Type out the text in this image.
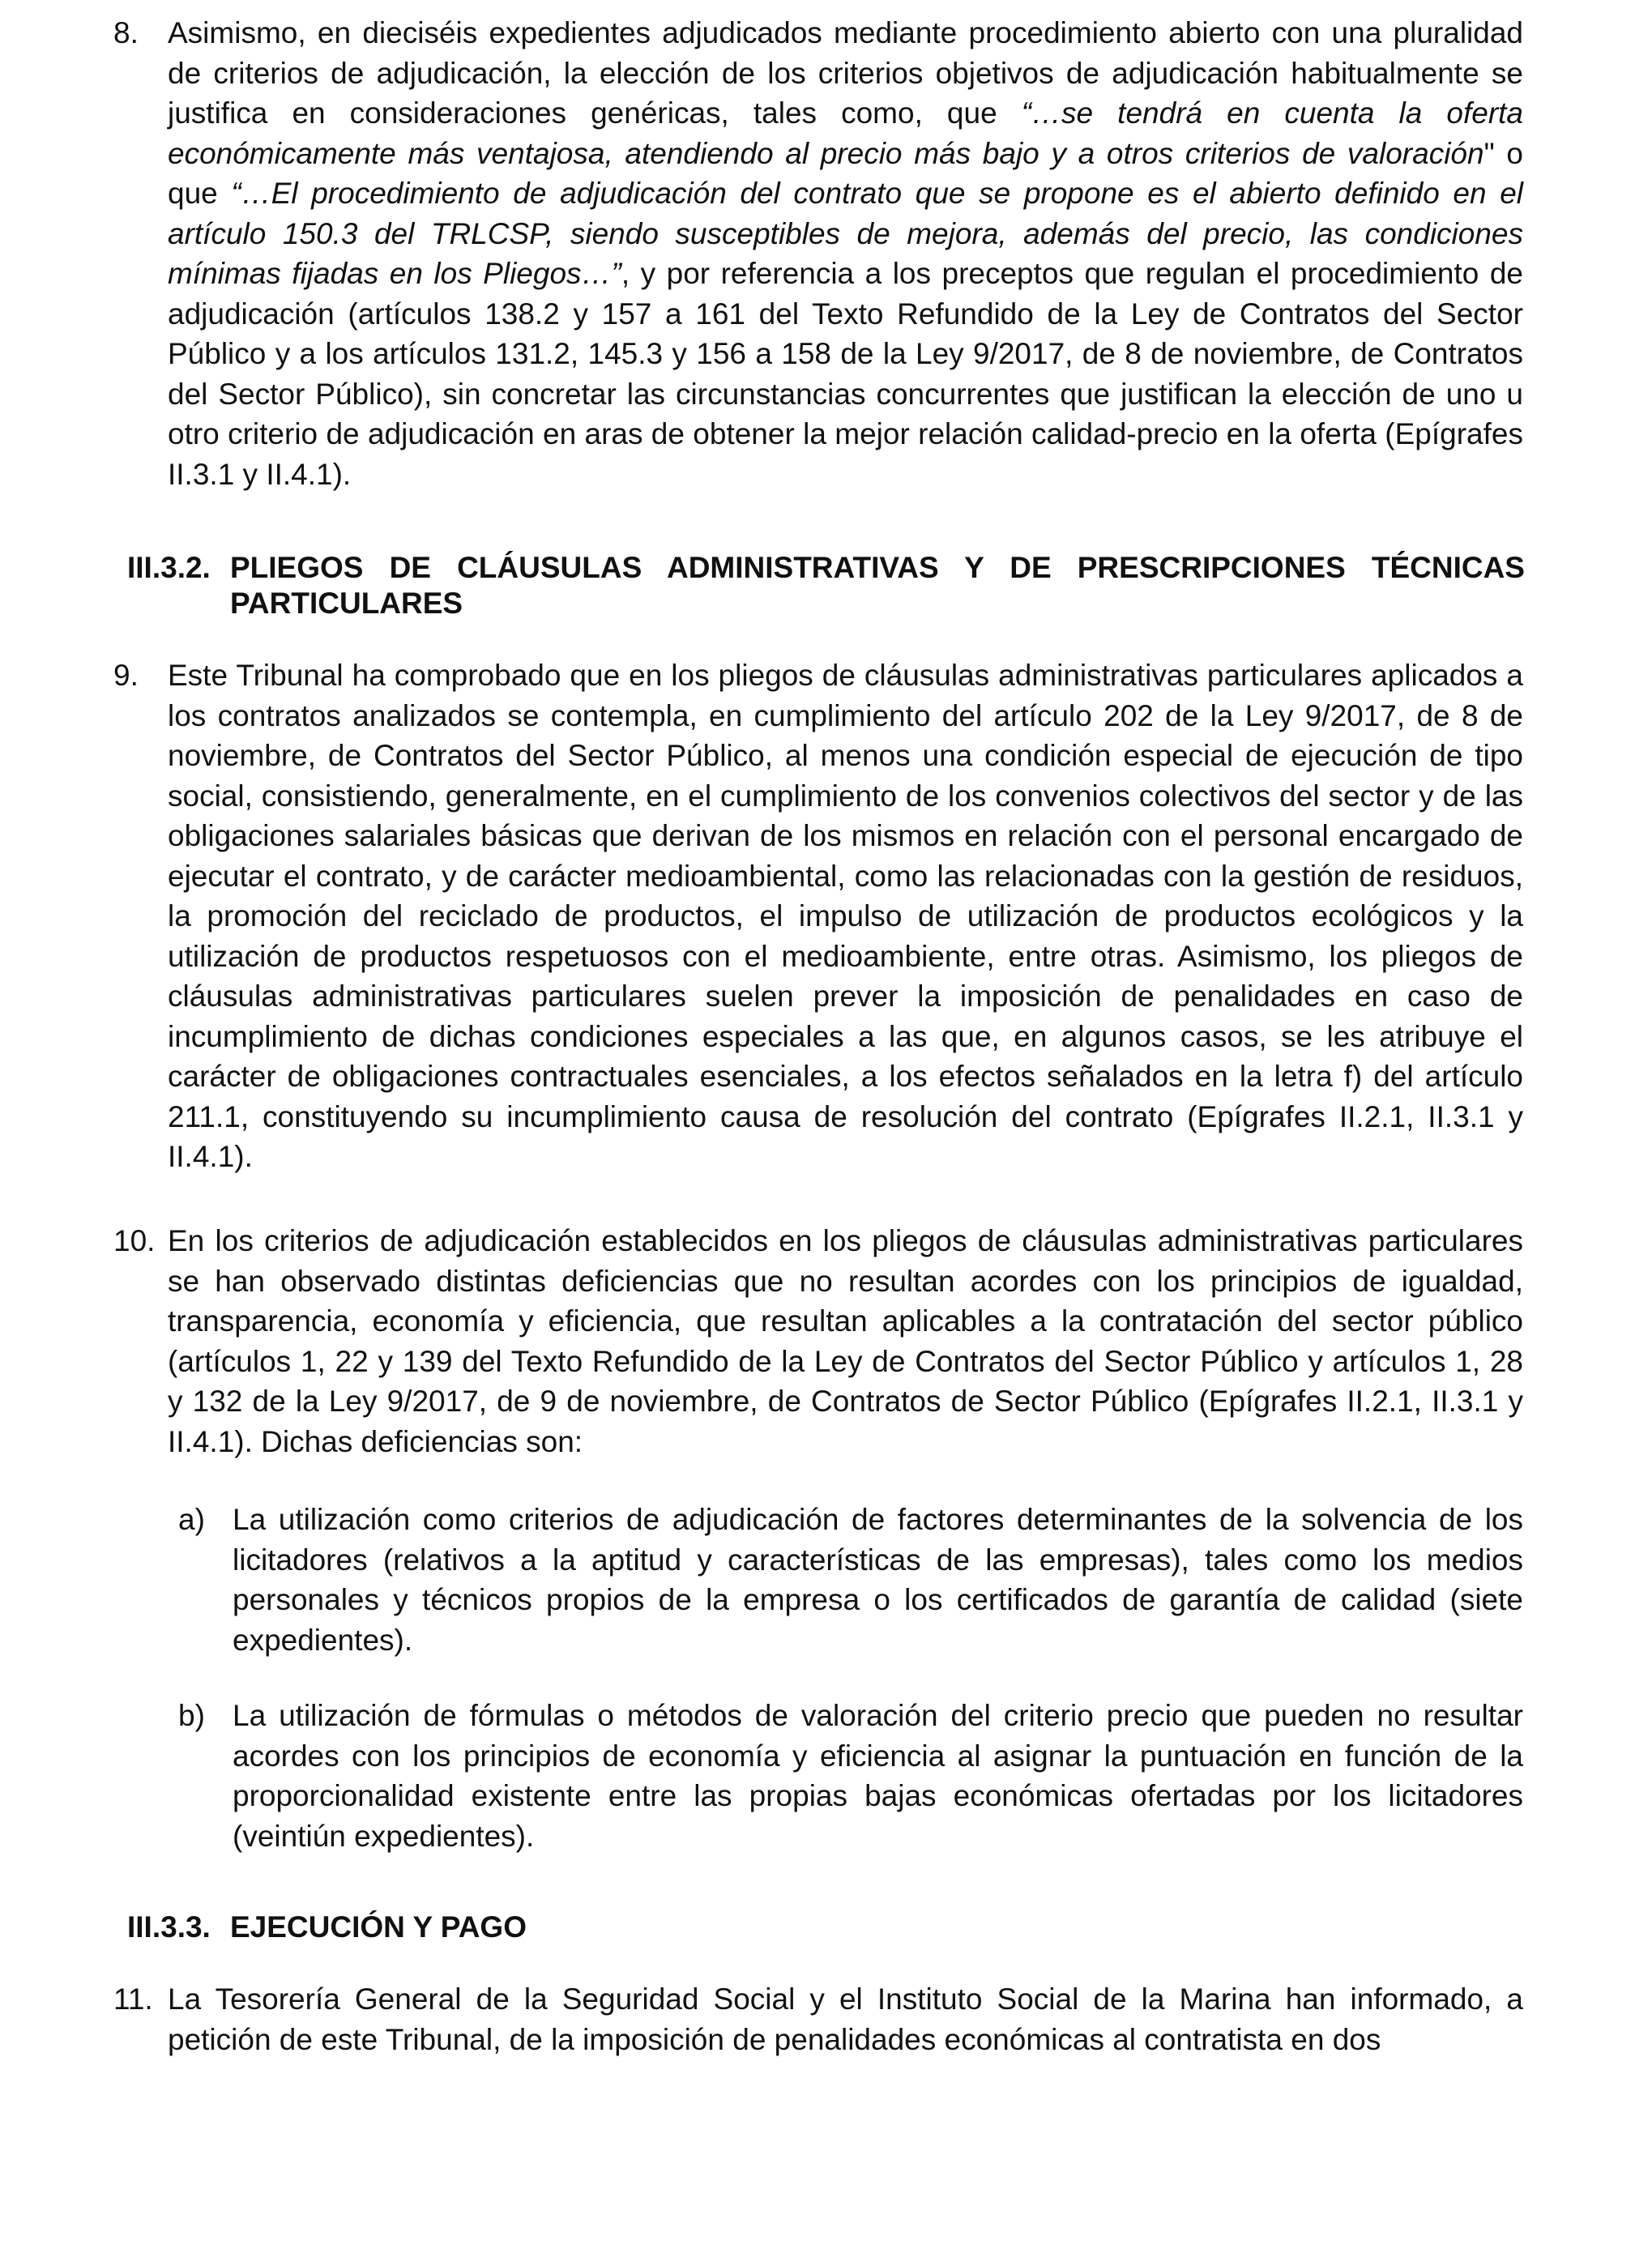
8. Asimismo, en dieciséis expedientes adjudicados mediante procedimiento abierto con una pluralidad de criterios de adjudicación, la elección de los criterios objetivos de adjudicación habitualmente se justifica en consideraciones genéricas, tales como, que “…se tendrá en cuenta la oferta económicamente más ventajosa, atendiendo al precio más bajo y a otros criterios de valoración" o que “…El procedimiento de adjudicación del contrato que se propone es el abierto definido en el artículo 150.3 del TRLCSP, siendo susceptibles de mejora, además del precio, las condiciones mínimas fijadas en los Pliegos…”, y por referencia a los preceptos que regulan el procedimiento de adjudicación (artículos 138.2 y 157 a 161 del Texto Refundido de la Ley de Contratos del Sector Público y a los artículos 131.2, 145.3 y 156 a 158 de la Ley 9/2017, de 8 de noviembre, de Contratos del Sector Público), sin concretar las circunstancias concurrentes que justifican la elección de uno u otro criterio de adjudicación en aras de obtener la mejor relación calidad-precio en la oferta (Epígrafes II.3.1 y II.4.1).
III.3.2. PLIEGOS DE CLÁUSULAS ADMINISTRATIVAS Y DE PRESCRIPCIONES TÉCNICAS PARTICULARES
9. Este Tribunal ha comprobado que en los pliegos de cláusulas administrativas particulares aplicados a los contratos analizados se contempla, en cumplimiento del artículo 202 de la Ley 9/2017, de 8 de noviembre, de Contratos del Sector Público, al menos una condición especial de ejecución de tipo social, consistiendo, generalmente, en el cumplimiento de los convenios colectivos del sector y de las obligaciones salariales básicas que derivan de los mismos en relación con el personal encargado de ejecutar el contrato, y de carácter medioambiental, como las relacionadas con la gestión de residuos, la promoción del reciclado de productos, el impulso de utilización de productos ecológicos y la utilización de productos respetuosos con el medioambiente, entre otras. Asimismo, los pliegos de cláusulas administrativas particulares suelen prever la imposición de penalidades en caso de incumplimiento de dichas condiciones especiales a las que, en algunos casos, se les atribuye el carácter de obligaciones contractuales esenciales, a los efectos señalados en la letra f) del artículo 211.1, constituyendo su incumplimiento causa de resolución del contrato (Epígrafes II.2.1, II.3.1 y II.4.1).
10. En los criterios de adjudicación establecidos en los pliegos de cláusulas administrativas particulares se han observado distintas deficiencias que no resultan acordes con los principios de igualdad, transparencia, economía y eficiencia, que resultan aplicables a la contratación del sector público (artículos 1, 22 y 139 del Texto Refundido de la Ley de Contratos del Sector Público y artículos 1, 28 y 132 de la Ley 9/2017, de 9 de noviembre, de Contratos de Sector Público (Epígrafes II.2.1, II.3.1 y II.4.1). Dichas deficiencias son:
a) La utilización como criterios de adjudicación de factores determinantes de la solvencia de los licitadores (relativos a la aptitud y características de las empresas), tales como los medios personales y técnicos propios de la empresa o los certificados de garantía de calidad (siete expedientes).
b) La utilización de fórmulas o métodos de valoración del criterio precio que pueden no resultar acordes con los principios de economía y eficiencia al asignar la puntuación en función de la proporcionalidad existente entre las propias bajas económicas ofertadas por los licitadores (veintiún expedientes).
III.3.3. EJECUCIÓN Y PAGO
11. La Tesorería General de la Seguridad Social y el Instituto Social de la Marina han informado, a petición de este Tribunal, de la imposición de penalidades económicas al contratista en dos
